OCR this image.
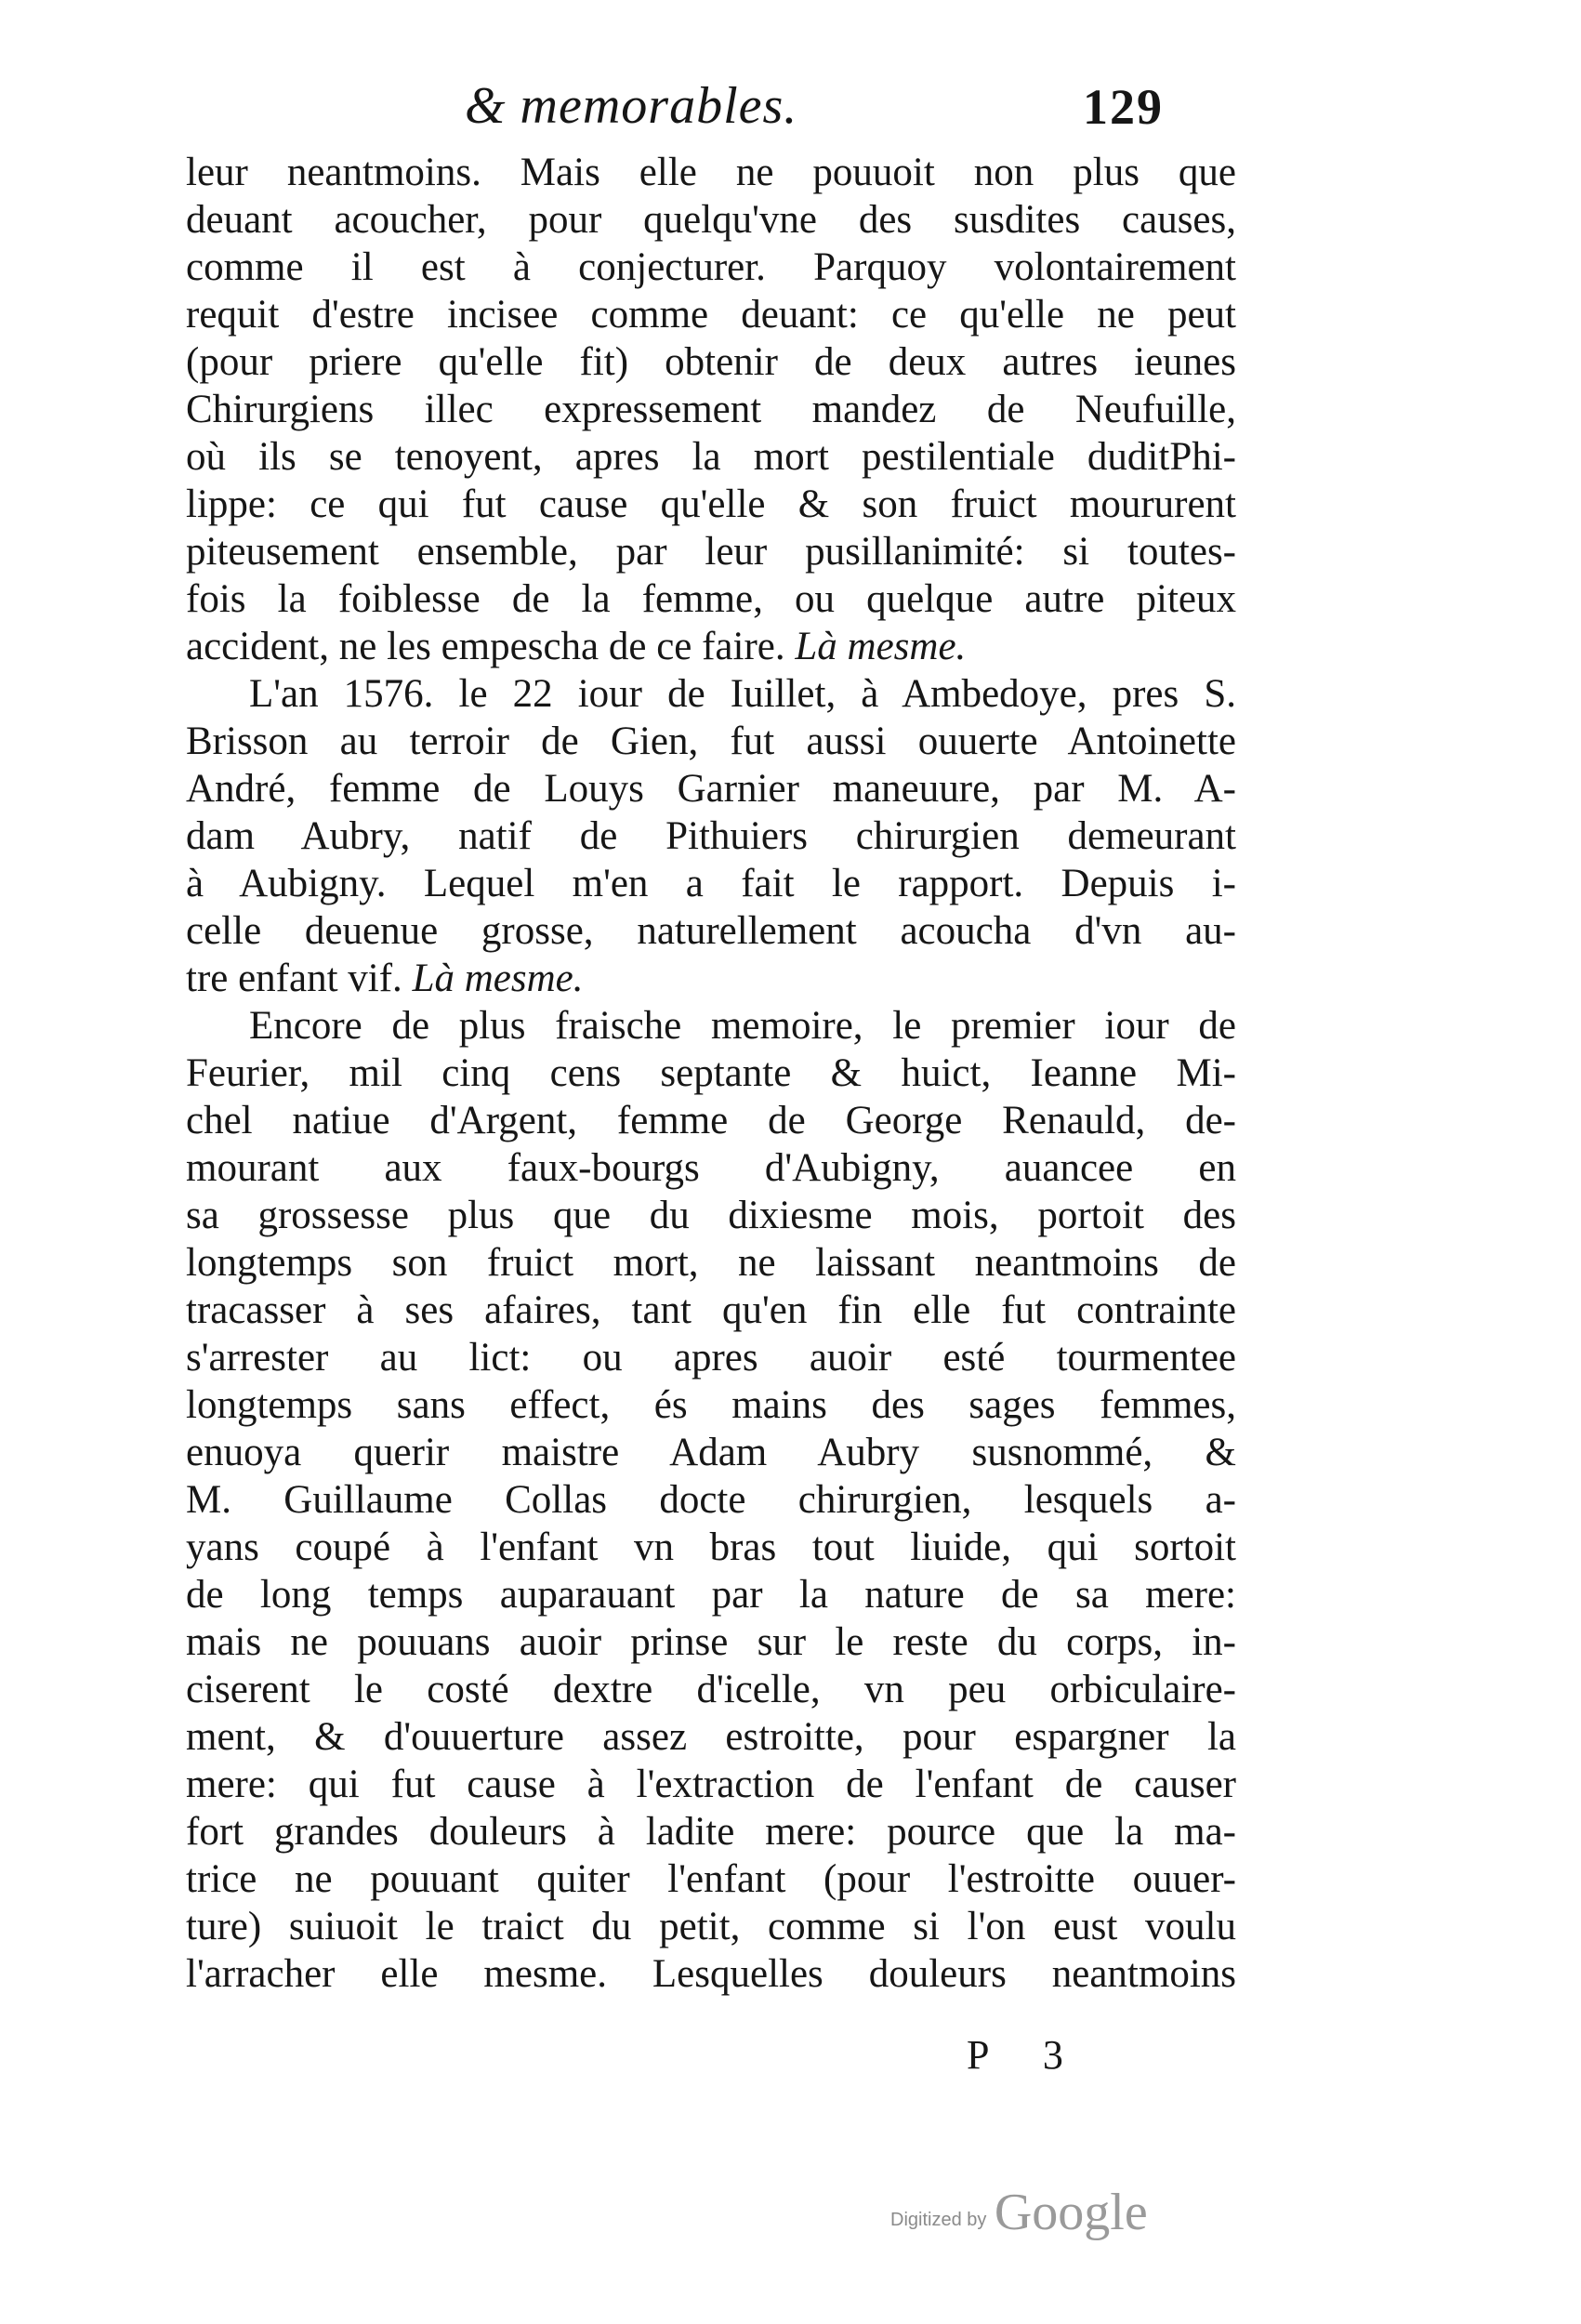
& memorables.	129
leur neantmoins. Mais elle ne pouuoit non plus que
deuant acoucher, pour quelqu'vne des susdites causes,
comme il est à conjecturer. Parquoy volontairement
requit d'estre incisee comme deuant: ce qu'elle ne peut
(pour priere qu'elle fit) obtenir de deux autres ieunes
Chirurgiens illec expressement mandez de Neufuille,
où ils se tenoyent, apres la mort pestilentiale duditPhi-
lippe: ce qui fut cause qu'elle & son fruict moururent
piteusement ensemble, par leur pusillanimité: si toutes-
fois la foiblesse de la femme, ou quelque autre piteux
accident, ne les empescha de ce faire. Là mesme.
L'an 1576. le 22 iour de Iuillet, à Ambedoye, pres S.
Brisson au terroir de Gien, fut aussi ouuerte Antoinette
André, femme de Louys Garnier maneuure, par M. A-
dam Aubry, natif de Pithuiers chirurgien demeurant
à Aubigny. Lequel m'en a fait le rapport. Depuis i-
celle deuenue grosse, naturellement acoucha d'vn au-
tre enfant vif. Là mesme.
Encore de plus fraische memoire, le premier iour de
Feurier, mil cinq cens septante & huict, Ieanne Mi-
chel natiue d'Argent, femme de George Renauld, de-
mourant aux faux-bourgs d'Aubigny, auancee en
sa grossesse plus que du dixiesme mois, portoit des
longtemps son fruict mort, ne laissant neantmoins de
tracasser à ses afaires, tant qu'en fin elle fut contrainte
s'arrester au lict: ou apres auoir esté tourmentee
longtemps sans effect, és mains des sages femmes,
enuoya querir maistre Adam Aubry susnommé, &
M. Guillaume Collas docte chirurgien, lesquels a-
yans coupé à l'enfant vn bras tout liuide, qui sortoit
de long temps auparauant par la nature de sa mere:
mais ne pouuans auoir prinse sur le reste du corps, in-
ciserent le costé dextre d'icelle, vn peu orbiculaire-
ment, & d'ouuerture assez estroitte, pour espargner la
mere: qui fut cause à l'extraction de l'enfant de causer
fort grandes douleurs à ladite mere: pource que la ma-
trice ne pouuant quiter l'enfant (pour l'estroitte ouuer-
ture) suiuoit le traict du petit, comme si l'on eust voulu
l'arracher elle mesme. Lesquelles douleurs neantmoins
P 3
Digitized by Google
